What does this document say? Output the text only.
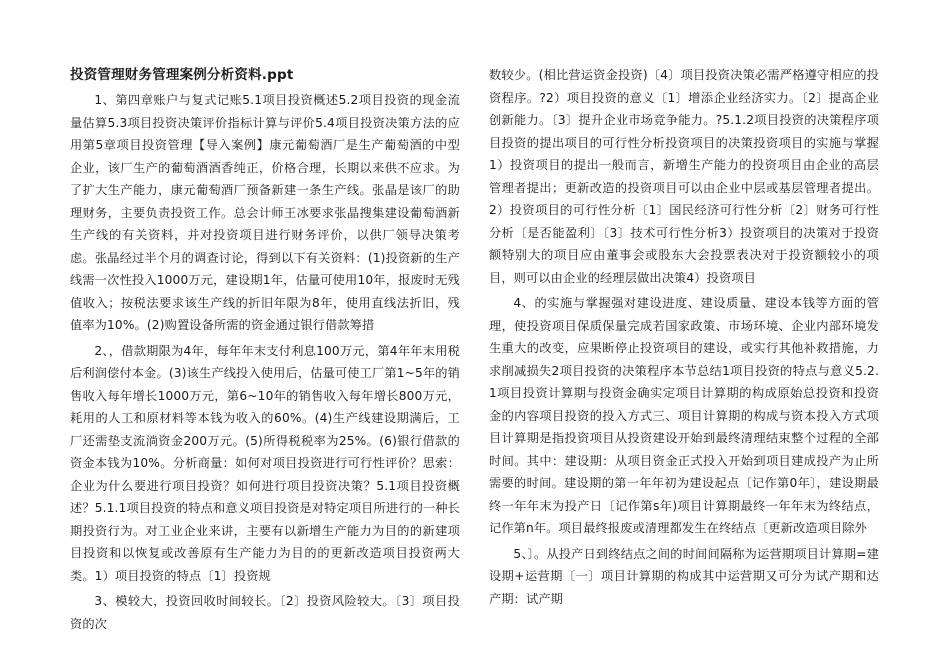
投资管理财务管理案例分析资料.ppt

1、第四章账户与复式记账5.1项目投资概述5.2项目投资的现金流量估算5.3项目投资决策评价指标计算与评价5.4项目投资决策方法的应用第5章项目投资管理【导入案例】康元葡萄酒厂是生产葡萄酒的中型企业，该厂生产的葡萄酒酒香纯正，价格合理，长期以来供不应求。为了扩大生产能力，康元葡萄酒厂预备新建一条生产线。张晶是该厂的助理财务，主要负责投资工作。总会计师王冰要求张晶搜集建设葡萄酒新生产线的有关资料，并对投资项目进行财务评价，以供厂领导决策考虑。张晶经过半个月的调查讨论，得到以下有关资料：(1)投资新的生产线需一次性投入1000万元，建设期1年，估量可使用10年，报废时无残值收入；按税法要求该生产线的折旧年限为8年，使用直线法折旧，残值率为10%。(2)购置设备所需的资金通过银行借款筹措

2、，借款期限为4年，每年年末支付利息100万元，第4年年末用税后利润偿付本金。(3)该生产线投入使用后，估量可使工厂第1~5年的销售收入每年增长1000万元，第6~10年的销售收入每年增长800万元，耗用的人工和原材料等本钱为收入的60%。(4)生产线建设期满后，工厂还需垫支流淌资金200万元。(5)所得税税率为25%。(6)银行借款的资金本钱为10%。分析商量：如何对项目投资进行可行性评价？思索：企业为什么要进行项目投资？如何进行项目投资决策？5.1项目投资概述？5.1.1项目投资的特点和意义项目投资是对特定项目所进行的一种长期投资行为。对工业企业来讲，主要有以新增生产能力为目的的新建项目投资和以恢复或改善原有生产能力为目的的更新改造项目投资两大类。1）项目投资的特点〔1〕投资规

3、模较大，投资回收时间较长。〔2〕投资风险较大。〔3〕项目投资的次

数较少。(相比营运资金投资)〔4〕项目投资决策必需严格遵守相应的投资程序。?2）项目投资的意义〔1〕增添企业经济实力。〔2〕提高企业创新能力。〔3〕提升企业市场竞争能力。?5.1.2项目投资的决策程序项目投资的提出项目的可行性分析投资项目的决策投资项目的实施与掌握1）投资项目的提出一般而言，新增生产能力的投资项目由企业的高层管理者提出；更新改造的投资项目可以由企业中层或基层管理者提出。2）投资项目的可行性分析〔1〕国民经济可行性分析〔2〕财务可行性分析〔是否能盈利〕〔3〕技术可行性分析3）投资项目的决策对于投资额特别大的项目应由董事会或股东大会投票表决对于投资额较小的项目，则可以由企业的经理层做出决策4）投资项目

4、的实施与掌握强对建设进度、建设质量、建设本钱等方面的管理，使投资项目保质保量完成若国家政策、市场环境、企业内部环境发生重大的改变，应果断停止投资项目的建设，或实行其他补救措施，力求削减损失2项目投资的决策程序本节总结1项目投资的特点与意义5.2.1项目投资计算期与投资金确实定项目计算期的构成原始总投资和投资金的内容项目投资的投入方式三、项目计算期的构成与资本投入方式项目计算期是指投资项目从投资建设开始到最终清理结束整个过程的全部时间。其中：建设期：从项目资金正式投入开始到项目建成投产为止所需要的时间。建设期的第一年年初为建设起点〔记作第0年〕，建设期最终一年年末为投产日〔记作第s年)项目计算期最终一年年末为终结点，记作第n年。项目最终报废或清理都发生在终结点〔更新改造项目除外

5、〕。从投产日到终结点之间的时间间隔称为运营期项目计算期=建设期+运营期〔一〕项目计算期的构成其中运营期又可分为试产期和达产期：试产期
